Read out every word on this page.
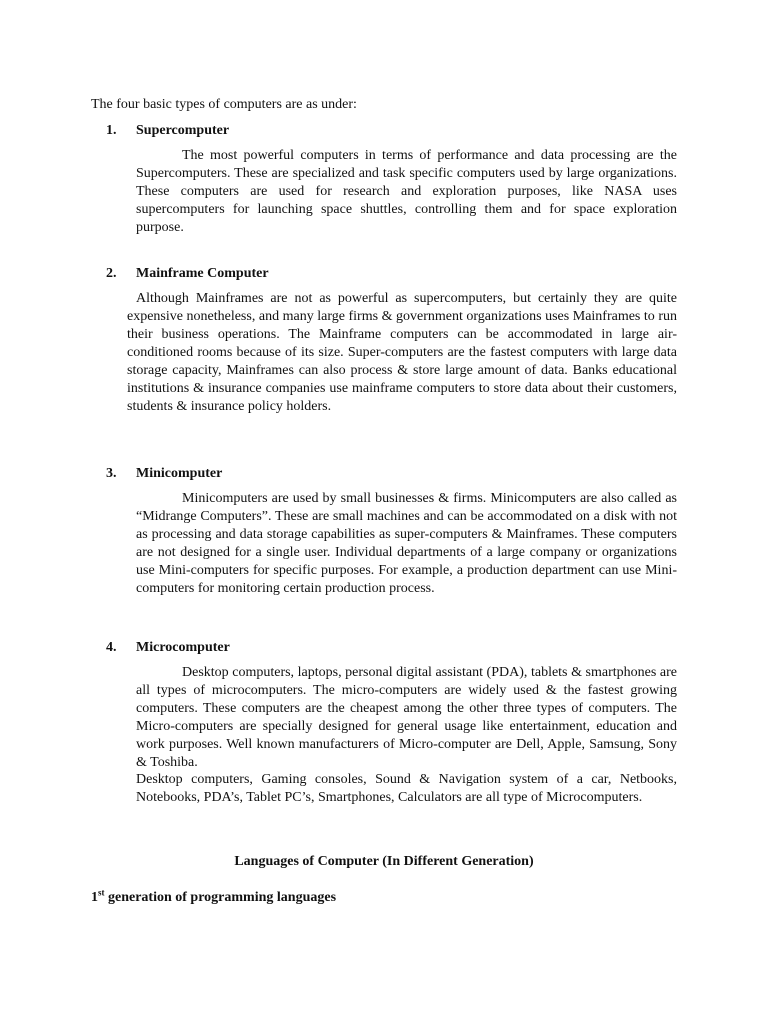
The four basic types of computers are as under:
1. Supercomputer

The most powerful computers in terms of performance and data processing are the Supercomputers. These are specialized and task specific computers used by large organizations. These computers are used for research and exploration purposes, like NASA uses supercomputers for launching space shuttles, controlling them and for space exploration purpose.

2. Mainframe Computer

Although Mainframes are not as powerful as supercomputers, but certainly they are quite expensive nonetheless, and many large firms & government organizations uses Mainframes to run their business operations. The Mainframe computers can be accommodated in large air-conditioned rooms because of its size. Super-computers are the fastest computers with large data storage capacity, Mainframes can also process & store large amount of data. Banks educational institutions & insurance companies use mainframe computers to store data about their customers, students & insurance policy holders.

3. Minicomputer

Minicomputers are used by small businesses & firms. Minicomputers are also called as “Midrange Computers”. These are small machines and can be accommodated on a disk with not as processing and data storage capabilities as super-computers & Mainframes. These computers are not designed for a single user. Individual departments of a large company or organizations use Mini-computers for specific purposes. For example, a production department can use Mini-computers for monitoring certain production process.

4. Microcomputer

Desktop computers, laptops, personal digital assistant (PDA), tablets & smartphones are all types of microcomputers. The micro-computers are widely used & the fastest growing computers. These computers are the cheapest among the other three types of computers. The Micro-computers are specially designed for general usage like entertainment, education and work purposes. Well known manufacturers of Micro-computer are Dell, Apple, Samsung, Sony & Toshiba.

Desktop computers, Gaming consoles, Sound & Navigation system of a car, Netbooks, Notebooks, PDA’s, Tablet PC’s, Smartphones, Calculators are all type of Microcomputers.

Languages of Computer (In Different Generation)
1st generation of programming languages
